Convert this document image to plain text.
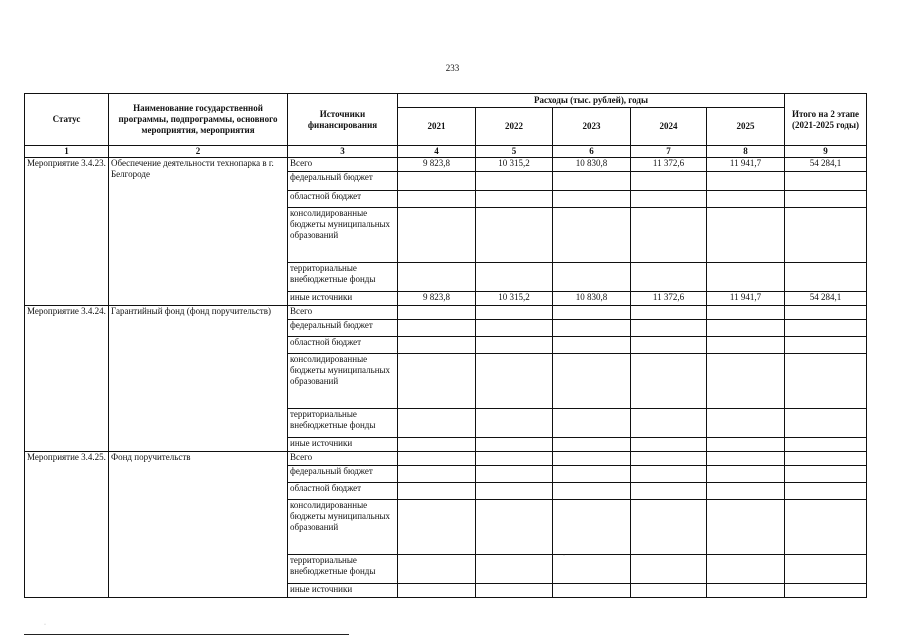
233
Статус	Наименование государственной программы, подпрограммы, основного мероприятия, мероприятия	Источники финансирования	Расходы (тыс. рублей), годы					Итого на 2 этапе (2021-2025 годы)
			2021	2022	2023	2024	2025	
1	2	3	4	5	6	7	8	9
Мероприятие 3.4.23.	Обеспечение деятельности технопарка в г. Белгороде	Всего	9 823,8	10 315,2	10 830,8	11 372,6	11 941,7	54 284,1
		федеральный бюджет						
		областной бюджет						
		консолидированные бюджеты муниципальных образований						
		территориальные внебюджетные фонды						
		иные источники	9 823,8	10 315,2	10 830,8	11 372,6	11 941,7	54 284,1
Мероприятие 3.4.24.	Гарантийный фонд (фонд поручительств)	Всего						
		федеральный бюджет						
		областной бюджет						
		консолидированные бюджеты муниципальных образований						
		территориальные внебюджетные фонды						
		иные источники						
Мероприятие 3.4.25.	Фонд поручительств	Всего						
		федеральный бюджет						
		областной бюджет						
		консолидированные бюджеты муниципальных образований						
		территориальные внебюджетные фонды						
		иные источники						
·
·
